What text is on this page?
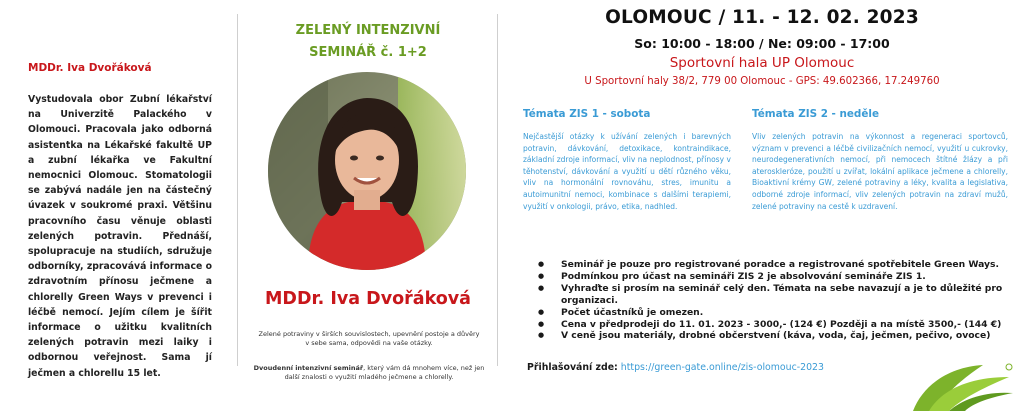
MDDr. Iva Dvořáková
Vystudovala obor Zubní lékařství na Univerzitě Palackého v Olomouci. Pracovala jako odborná asistentka na Lékařské fakultě UP a zubní lékařka ve Fakultní nemocnici Olomouc. Stomatologii se zabývá nadále jen na částečný úvazek v soukromé praxi. Většinu pracovního času věnuje oblasti zelených potravin. Přednáší, spolupracuje na studiích, sdružuje odborníky, zpracovává informace o zdravotním přínosu ječmene a chlorelly Green Ways v prevenci i léčbě nemocí. Jejím cílem je šířit informace o užitku kvalitních zelených potravin mezi laiky i odbornou veřejnost. Sama jí ječmen a chlorellu 15 let.
ZELENÝ INTENZIVNÍ
SEMINÁŘ č. 1+2
MDDr. Iva Dvořáková
Zelené potraviny v širších souvislostech, upevnění postoje a důvěry v sebe sama, odpovědi na vaše otázky.
Dvoudenní intenzivní seminář, který vám dá mnohem více, než jen další znalosti o využití mladého ječmene a chlorelly.
OLOMOUC / 11. - 12. 02. 2023
So: 10:00 - 18:00 / Ne: 09:00 - 17:00
Sportovní hala UP Olomouc
U Sportovní haly 38/2, 779 00 Olomouc - GPS: 49.602366, 17.249760
Témata ZIS 1 - sobota
Nejčastější otázky k užívání zelených i barevných potravin, dávkování, detoxikace, kontraindikace, základní zdroje informací, vliv na neplodnost, přínosy v těhotenství, dávkování a využití u dětí různého věku, vliv na hormonální rovnováhu, stres, imunitu a autoimunitní nemoci, kombinace s dalšími terapiemi, využití v onkologii, právo, etika, nadhled.
Témata ZIS 2 - neděle
Vliv zelených potravin na výkonnost a regeneraci sportovců, význam v prevenci a léčbě civilizačních nemocí, využití u cukrovky, neurodegenerativních nemocí, při nemocech štítné žlázy a při ateroskleróze, použití u zvířat, lokální aplikace ječmene a chlorelly, Bioaktivní krémy GW, zelené potraviny a léky, kvalita a legislativa, odborné zdroje informací, vliv zelených potravin na zdraví mužů, zelené potraviny na cestě k uzdravení.
● Seminář je pouze pro registrované poradce a registrované spotřebitele Green Ways.
● Podmínkou pro účast na semináři ZIS 2 je absolvování semináře ZIS 1.
● Vyhraďte si prosím na seminář celý den. Témata na sebe navazují a je to důležité pro organizaci.
● Počet účastníků je omezen.
● Cena v předprodeji do 11. 01. 2023 - 3000,- (124 €) Později a na místě 3500,- (144 €)
● V ceně jsou materiály, drobné občerstvení (káva, voda, čaj, ječmen, pečivo, ovoce)
Přihlašování zde: https://green-gate.online/zis-olomouc-2023
